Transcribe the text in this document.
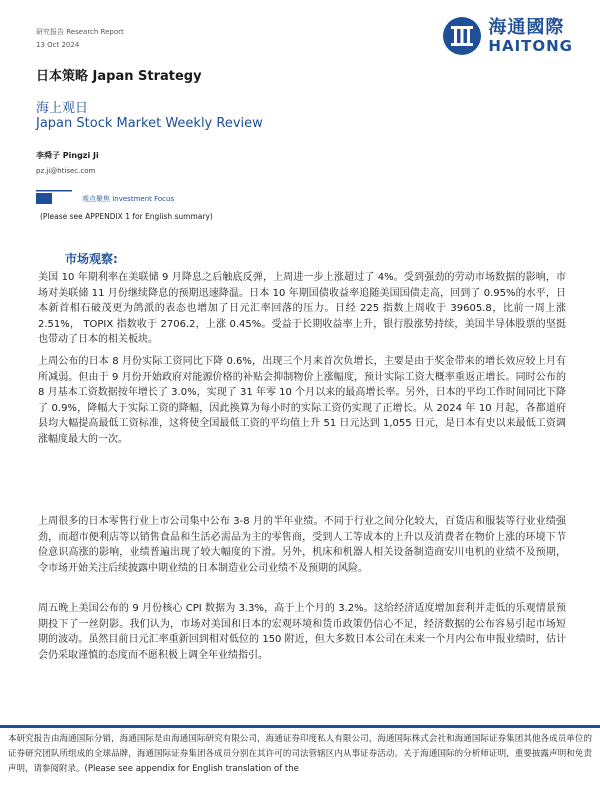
研究报告 Research Report
13 Oct 2024
海通國際
HAITONG
日本策略 Japan Strategy
海上观日
Japan Stock Market Weekly Review
李舜子 Pingzi Ji
pz.ji@htisec.com
观点聚焦 Investment Focus
(Please see APPENDIX 1 for English summary)
市场观察:
美国 10 年期利率在美联储 9 月降息之后触底反弹，上周进一步上涨超过了 4%。受到强劲的劳动市场数据的影响，市场对美联储 11 月份继续降息的预期迅速降温。日本 10 年期国债收益率追随美国国债走高，回到了 0.95%的水平，日本新首相石破茂更为鸽派的表态也增加了日元汇率回落的压力。日经 225 指数上周收于 39605.8，比前一周上涨 2.51%， TOPIX 指数收于 2706.2，上涨 0.45%。受益于长期收益率上升，银行股涨势持续，美国半导体股票的坚挺也带动了日本的相关板块。
上周公布的日本 8 月份实际工资同比下降 0.6%，出现三个月来首次负增长，主要是由于奖金带来的增长效应较上月有所减弱。但由于 9 月份开始政府对能源价格的补贴会抑制物价上涨幅度，预计实际工资大概率重返正增长。同时公布的 8 月基本工资数据按年增长了 3.0%，实现了 31 年零 10 个月以来的最高增长率。另外，日本的平均工作时间同比下降了 0.9%，降幅大于实际工资的降幅，因此换算为每小时的实际工资仍实现了正增长。从 2024 年 10 月起，各都道府县均大幅提高最低工资标准，这将使全国最低工资的平均值上升 51 日元达到 1,055 日元，是日本有史以来最低工资调涨幅度最大的一次。
上周很多的日本零售行业上市公司集中公布 3-8 月的半年业绩。不同于行业之间分化较大，百货店和服装等行业业绩强劲，而超市便利店等以销售食品和生活必需品为主的零售商，受到人工等成本的上升以及消费者在物价上涨的环境下节俭意识高涨的影响，业绩普遍出现了较大幅度的下滑。另外，机床和机器人相关设备制造商安川电机的业绩不及预期，令市场开始关注后续披露中期业绩的日本制造业公司业绩不及预期的风险。
周五晚上美国公布的 9 月份核心 CPI 数据为 3.3%，高于上个月的 3.2%。这给经济适度增加套利并走低的乐观情景预期投下了一丝阴影。我们认为，市场对美国和日本的宏观环境和货币政策仍信心不足，经济数据的公布容易引起市场短期的波动。虽然目前日元汇率重新回到相对低位的 150 附近，但大多数日本公司在未来一个月内公布申报业绩时，估计会仍采取谨慎的态度而不愿积极上调全年业绩指引。
本研究报告由海通国际分销，海通国际是由海通国际研究有限公司，海通证券印度私人有限公司，海通国际株式会社和海通国际证券集团其他各成员单位的证券研究团队所组成的全球品牌，海通国际证券集团各成员分别在其许可的司法管辖区内从事证券活动。关于海通国际的分析师证明，重要披露声明和免责声明，请参阅附录。(Please see appendix for English translation of the
